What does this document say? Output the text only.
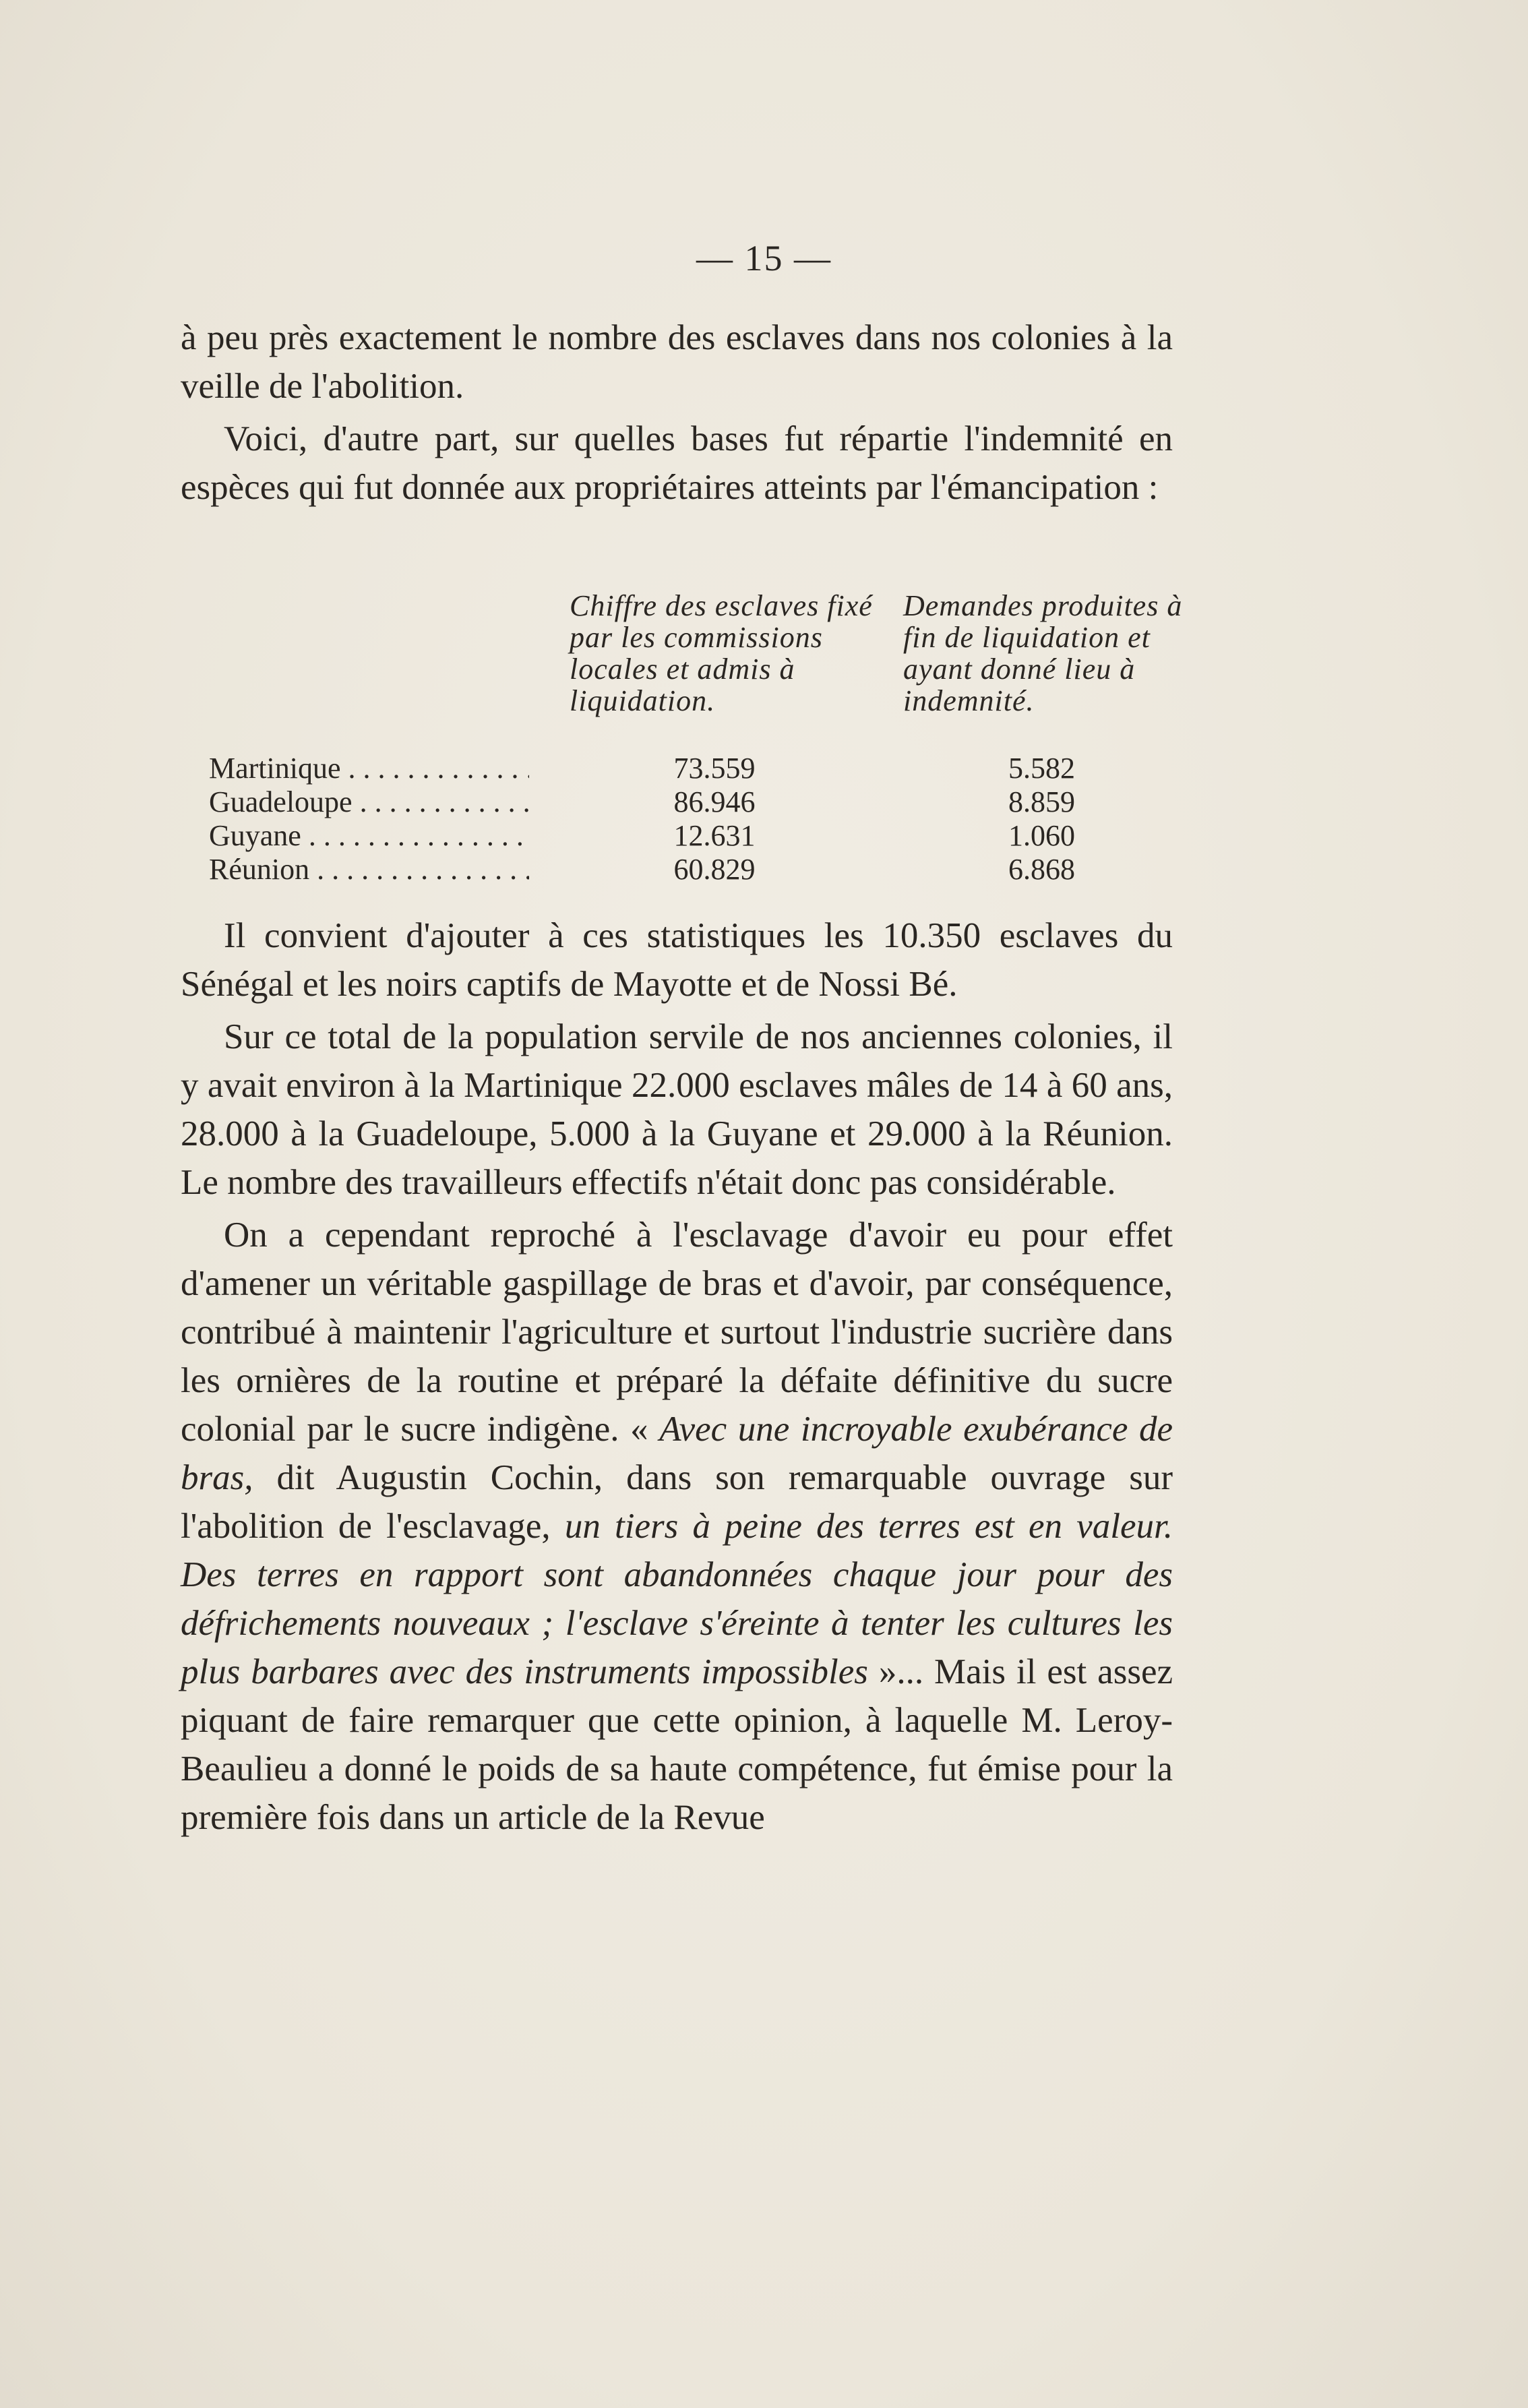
— 15 —

à peu près exactement le nombre des esclaves dans nos colonies à la veille de l'abolition.

Voici, d'autre part, sur quelles bases fut répartie l'indemnité en espèces qui fut donnée aux propriétaires atteints par l'émancipation :

Chiffre des esclaves fixé par les commissions locales et admis à liquidation.
Demandes produites à fin de liquidation et ayant donné lieu à indemnité.
Martinique . . .	73.559	5.582
Guadeloupe . . .	86.946	8.859
Guyane . . .	12.631	1.060
Réunion . . .	60.829	6.868

Il convient d'ajouter à ces statistiques les 10.350 esclaves du Sénégal et les noirs captifs de Mayotte et de Nossi Bé.

Sur ce total de la population servile de nos anciennes colonies, il y avait environ à la Martinique 22.000 esclaves mâles de 14 à 60 ans, 28.000 à la Guadeloupe, 5.000 à la Guyane et 29.000 à la Réunion. Le nombre des travailleurs effectifs n'était donc pas considérable.

On a cependant reproché à l'esclavage d'avoir eu pour effet d'amener un véritable gaspillage de bras et d'avoir, par conséquence, contribué à maintenir l'agriculture et surtout l'industrie sucrière dans les ornières de la routine et préparé la défaite définitive du sucre colonial par le sucre indigène. « Avec une incroyable exubérance de bras, dit Augustin Cochin, dans son remarquable ouvrage sur l'abolition de l'esclavage, un tiers à peine des terres est en valeur. Des terres en rapport sont abandonnées chaque jour pour des défrichements nouveaux ; l'esclave s'éreinte à tenter les cultures les plus barbares avec des instruments impossibles »... Mais il est assez piquant de faire remarquer que cette opinion, à laquelle M. Leroy-Beaulieu a donné le poids de sa haute compétence, fut émise pour la première fois dans un article de la Revue
